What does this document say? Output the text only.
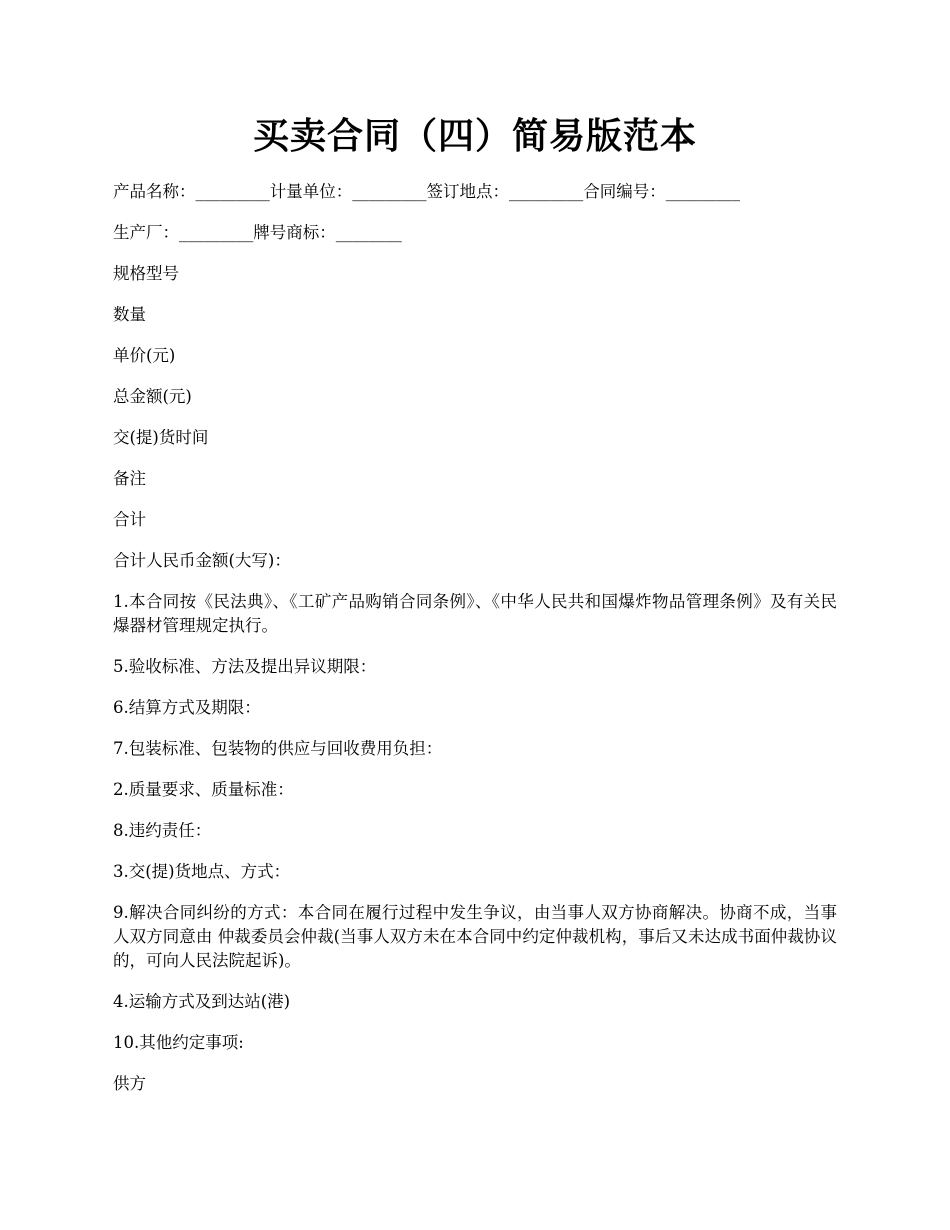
买卖合同（四）简易版范本

产品名称：_________计量单位：_________签订地点：_________合同编号：_________

生产厂：_________牌号商标：________

规格型号

数量

单价(元)

总金额(元)

交(提)货时间

备注

合计

合计人民币金额(大写)：

1.本合同按《民法典》、《工矿产品购销合同条例》、《中华人民共和国爆炸物品管理条例》及有关民爆器材管理规定执行。

5.验收标准、方法及提出异议期限：

6.结算方式及期限：

7.包装标准、包装物的供应与回收费用负担：

2.质量要求、质量标准：

8.违约责任：

3.交(提)货地点、方式：

9.解决合同纠纷的方式：本合同在履行过程中发生争议，由当事人双方协商解决。协商不成，当事人双方同意由 仲裁委员会仲裁(当事人双方未在本合同中约定仲裁机构，事后又未达成书面仲裁协议的，可向人民法院起诉)。

4.运输方式及到达站(港)

10.其他约定事项:

供方
